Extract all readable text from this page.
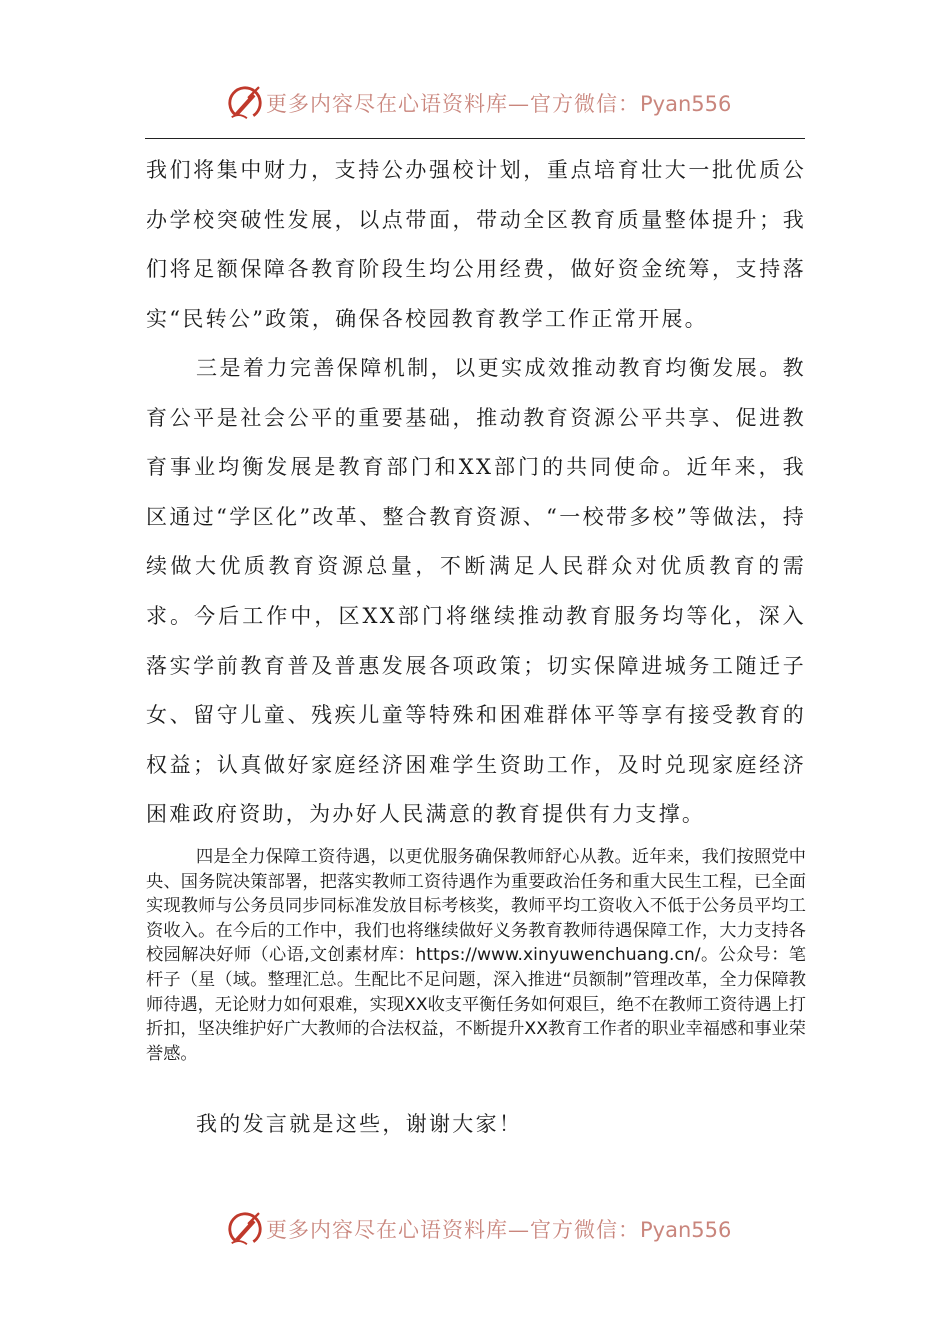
更多内容尽在心语资料库—官方微信：Pyan556

我们将集中财力，支持公办强校计划，重点培育壮大一批优质公办学校突破性发展，以点带面，带动全区教育质量整体提升；我们将足额保障各教育阶段生均公用经费，做好资金统筹，支持落实“民转公”政策，确保各校园教育教学工作正常开展。

三是着力完善保障机制，以更实成效推动教育均衡发展。教育公平是社会公平的重要基础，推动教育资源公平共享、促进教育事业均衡发展是教育部门和XX部门的共同使命。近年来，我区通过“学区化”改革、整合教育资源、“一校带多校”等做法，持续做大优质教育资源总量，不断满足人民群众对优质教育的需求。今后工作中，区XX部门将继续推动教育服务均等化，深入落实学前教育普及普惠发展各项政策；切实保障进城务工随迁子女、留守儿童、残疾儿童等特殊和困难群体平等享有接受教育的权益；认真做好家庭经济困难学生资助工作，及时兑现家庭经济困难政府资助，为办好人民满意的教育提供有力支撑。

四是全力保障工资待遇，以更优服务确保教师舒心从教。近年来，我们按照党中央、国务院决策部署，把落实教师工资待遇作为重要政治任务和重大民生工程，已全面实现教师与公务员同步同标准发放目标考核奖，教师平均工资收入不低于公务员平均工资收入。在今后的工作中，我们也将继续做好义务教育教师待遇保障工作，大力支持各校园解决好师（心语,文创素材库：https://www.xinyuwenchuang.cn/。公众号：笔杆子（星（域。整理汇总。生配比不足问题，深入推进“员额制”管理改革，全力保障教师待遇，无论财力如何艰难，实现XX收支平衡任务如何艰巨，绝不在教师工资待遇上打折扣，坚决维护好广大教师的合法权益，不断提升XX教育工作者的职业幸福感和事业荣誉感。

我的发言就是这些，谢谢大家！

更多内容尽在心语资料库—官方微信：Pyan556
